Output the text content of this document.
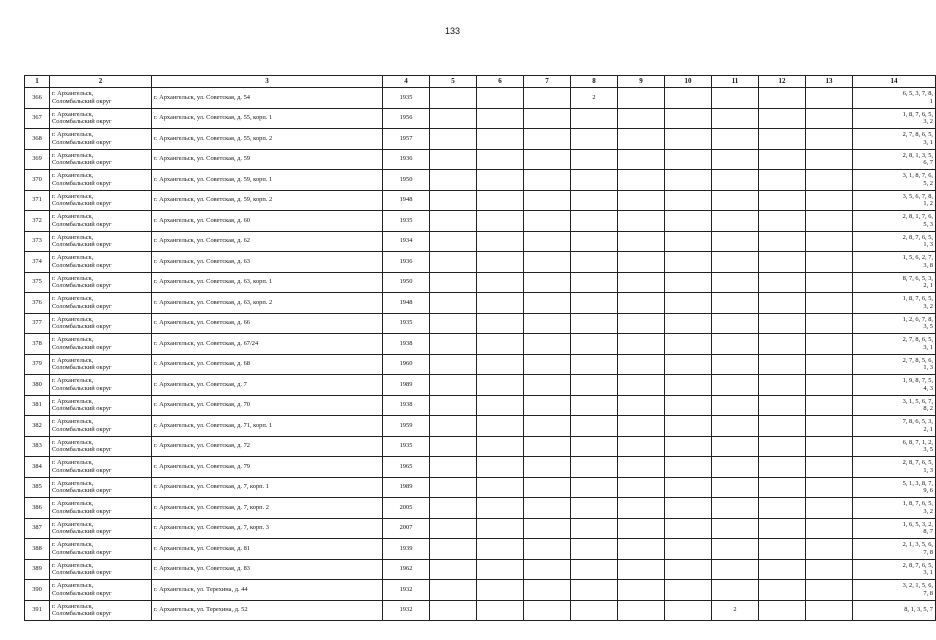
133
1	2	3	4	5	6	7	8	9	10	11	12	13	14
366	г. Архангельск,
Соломбальский округ	г. Архангельск, ул. Советская, д. 54	1935				2						6, 5, 3, 7, 8,
1
367	г. Архангельск,
Соломбальский округ	г. Архангельск, ул. Советская, д. 55, корп. 1	1956										1, 8, 7, 6, 5,
3, 2
368	г. Архангельск,
Соломбальский округ	г. Архангельск, ул. Советская, д. 55, корп. 2	1957										2, 7, 8, 6, 5,
3, 1
369	г. Архангельск,
Соломбальский округ	г. Архангельск, ул. Советская, д. 59	1936										2, 8, 1, 3, 5,
6, 7
370	г. Архангельск,
Соломбальский округ	г. Архангельск, ул. Советская, д. 59, корп. 1	1950										3, 1, 8, 7, 6,
5, 2
371	г. Архангельск,
Соломбальский округ	г. Архангельск, ул. Советская, д. 59, корп. 2	1948										3, 5, 6, 7, 8,
1, 2
372	г. Архангельск,
Соломбальский округ	г. Архангельск, ул. Советская, д. 60	1935										2, 8, 1, 7, 6,
5, 3
373	г. Архангельск,
Соломбальский округ	г. Архангельск, ул. Советская, д. 62	1934										2, 8, 7, 6, 5,
1, 3
374	г. Архангельск,
Соломбальский округ	г. Архангельск, ул. Советская, д. 63	1936										1, 5, 6, 2, 7,
3, 8
375	г. Архангельск,
Соломбальский округ	г. Архангельск, ул. Советская, д. 63, корп. 1	1950										8, 7, 6, 5, 3,
2, 1
376	г. Архангельск,
Соломбальский округ	г. Архангельск, ул. Советская, д. 63, корп. 2	1948										1, 8, 7, 6, 5,
3, 2
377	г. Архангельск,
Соломбальский округ	г. Архангельск, ул. Советская, д. 66	1935										1, 2, 6, 7, 8,
3, 5
378	г. Архангельск,
Соломбальский округ	г. Архангельск, ул. Советская, д. 67/24	1938										2, 7, 8, 6, 5,
3, 1
379	г. Архангельск,
Соломбальский округ	г. Архангельск, ул. Советская, д. 68	1960										2, 7, 8, 5, 6,
1, 3
380	г. Архангельск,
Соломбальский округ	г. Архангельск, ул. Советская, д. 7	1989										1, 9, 8, 7, 5,
4, 3
381	г. Архангельск,
Соломбальский округ	г. Архангельск, ул. Советская, д. 70	1938										3, 1, 5, 6, 7,
8, 2
382	г. Архангельск,
Соломбальский округ	г. Архангельск, ул. Советская, д. 71, корп. 1	1959										7, 8, 6, 5, 3,
2, 1
383	г. Архангельск,
Соломбальский округ	г. Архангельск, ул. Советская, д. 72	1935										6, 8, 7, 1, 2,
3, 5
384	г. Архангельск,
Соломбальский округ	г. Архангельск, ул. Советская, д. 79	1965										2, 8, 7, 6, 5,
1, 3
385	г. Архангельск,
Соломбальский округ	г. Архангельск, ул. Советская, д. 7, корп. 1	1989										5, 1, 3, 8, 7,
9, 6
386	г. Архангельск,
Соломбальский округ	г. Архангельск, ул. Советская, д. 7, корп. 2	2005										1, 8, 7, 6, 5,
3, 2
387	г. Архангельск,
Соломбальский округ	г. Архангельск, ул. Советская, д. 7, корп. 3	2007										1, 6, 5, 3, 2,
8, 7
388	г. Архангельск,
Соломбальский округ	г. Архангельск, ул. Советская, д. 81	1939										2, 1, 3, 5, 6,
7, 8
389	г. Архангельск,
Соломбальский округ	г. Архангельск, ул. Советская, д. 83	1962										2, 8, 7, 6, 5,
3, 1
390	г. Архангельск,
Соломбальский округ	г. Архангельск, ул. Терехина, д. 44	1932										3, 2, 1, 5, 6,
7, 8
391	г. Архангельск,
Соломбальский округ	г. Архангельск, ул. Терехина, д. 52	1932							2			8, 1, 3, 5, 7
